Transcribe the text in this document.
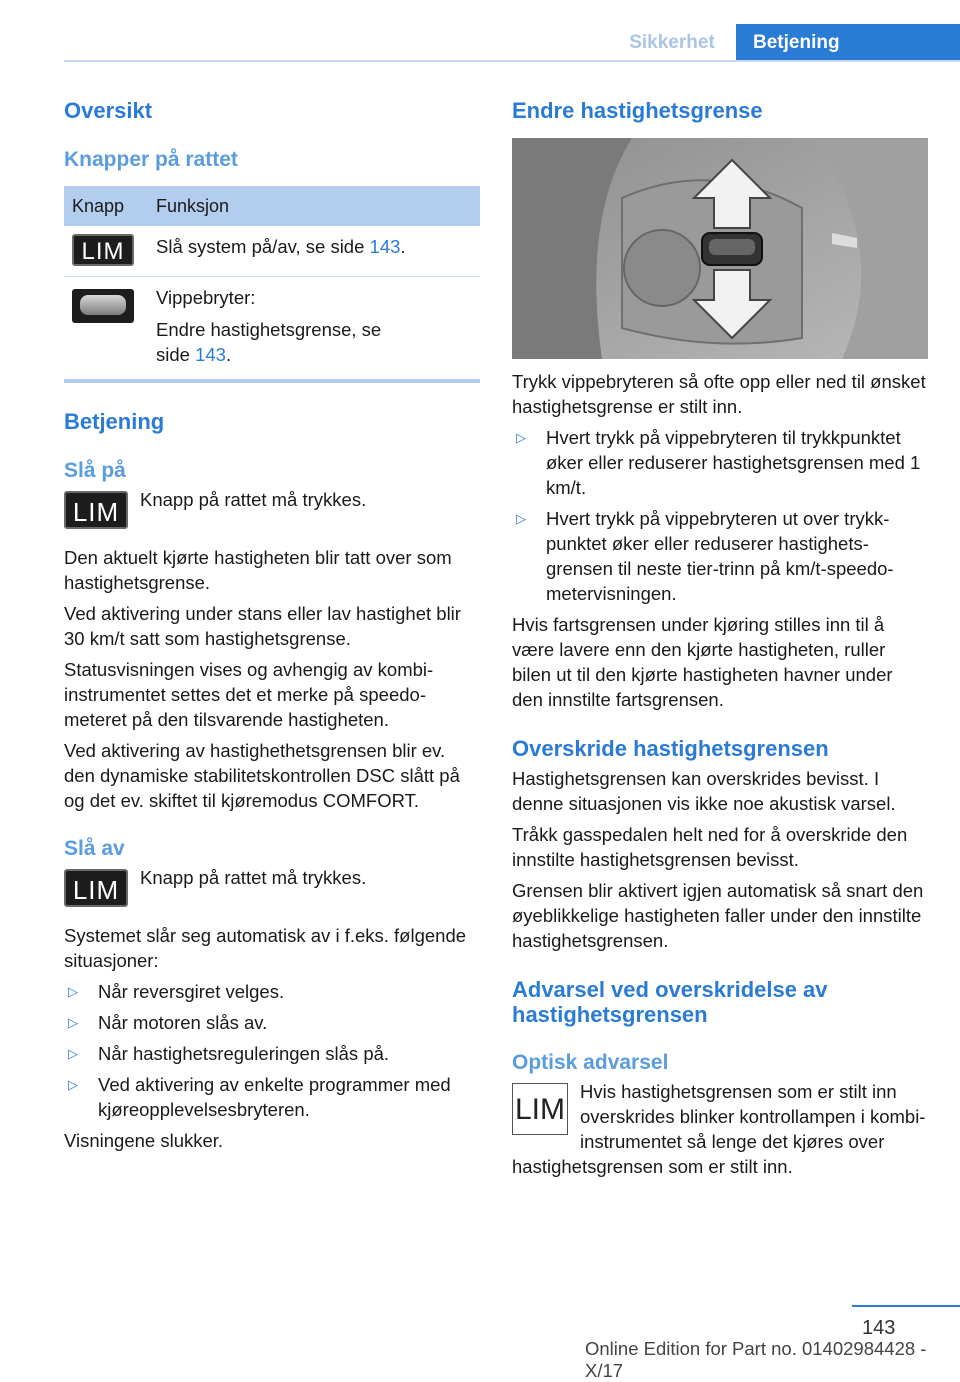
Sikkerhet	Betjening
Oversikt
Knapper på rattet
Knapp	Funksjon
LIM	Slå system på/av, se side 143.

	Vippebryter:
Endre hastighetsgrense, se side 143.
Betjening
Slå på
LIM	Knapp på rattet må trykkes.

Den aktuelt kjørte hastigheten blir tatt over som hastighetsgrense.

Ved aktivering under stans eller lav hastighet blir 30 km/t satt som hastighetsgrense.

Statusvisningen vises og avhengig av kombiinstrumentet settes det et merke på speedometeret på den tilsvarende hastigheten.

Ved aktivering av hastighethetsgrensen blir ev. den dynamiske stabilitetskontrollen DSC slått på og det ev. skiftet til kjøremodus COMFORT.

Slå av
LIM	Knapp på rattet må trykkes.

Systemet slår seg automatisk av i f.eks. følgende situasjoner:

▷ Når reversgiret velges.
▷ Når motoren slås av.
▷ Når hastighetsreguleringen slås på.
▷ Ved aktivering av enkelte programmer med kjøreopplevelsesbryteren.

Visningene slukker.

Endre hastighetsgrense

Trykk vippebryteren så ofte opp eller ned til ønsket hastighetsgrense er stilt inn.

▷ Hvert trykk på vippebryteren til trykkpunktet øker eller reduserer hastighetsgrensen med 1 km/t.
▷ Hvert trykk på vippebryteren ut over trykkpunktet øker eller reduserer hastighetsgrensen til neste tier-trinn på km/t-speedometervisningen.

Hvis fartsgrensen under kjøring stilles inn til å være lavere enn den kjørte hastigheten, ruller bilen ut til den kjørte hastigheten havner under den innstilte fartsgrensen.

Overskride hastighetsgrensen

Hastighetsgrensen kan overskrides bevisst. I denne situasjonen vis ikke noe akustisk varsel.

Tråkk gasspedalen helt ned for å overskride den innstilte hastighetsgrensen bevisst.

Grensen blir aktivert igjen automatisk så snart den øyeblikkelige hastigheten faller under den innstilte hastighetsgrensen.

Advarsel ved overskridelse av hastighetsgrensen
Optisk advarsel
LIM

Hvis hastighetsgrensen som er stilt inn overskrides blinker kontrollampen i kombi-instrumentet så lenge det kjøres over hastighetsgrensen som er stilt inn.

143
Online Edition for Part no. 01402984428 - X/17
